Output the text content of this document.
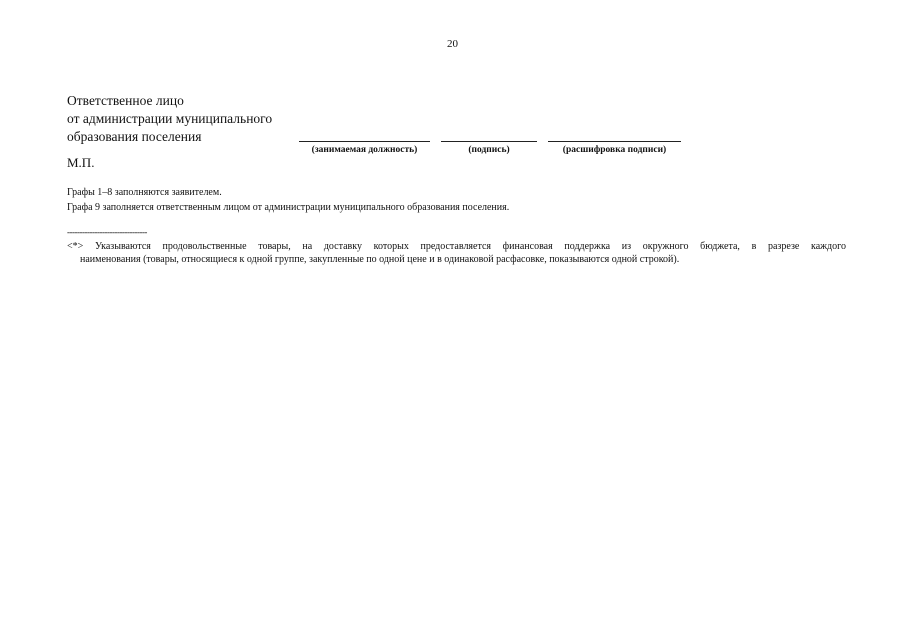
20
Ответственное лицо
от администрации муниципального
образования поселения
(занимаемая должность)	(подпись)	(расшифровка подписи)
М.П.
Графы 1–8 заполняются заявителем.
Графа 9 заполняется ответственным лицом от администрации муниципального образования поселения.
--------------------------------
<*> Указываются продовольственные товары, на доставку которых предоставляется финансовая поддержка из окружного бюджета, в разрезе каждого
наименования (товары, относящиеся к одной группе, закупленные по одной цене и в одинаковой расфасовке, показываются одной строкой).
